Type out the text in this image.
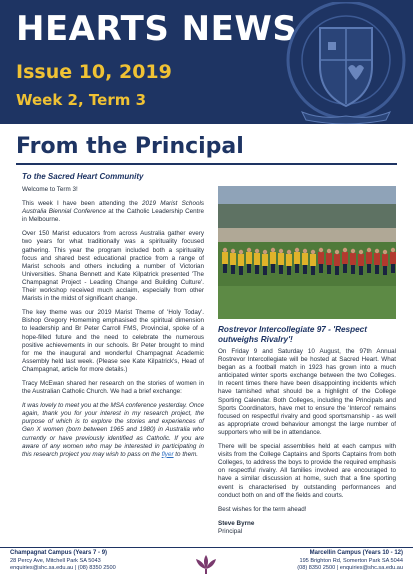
HEARTS NEWS
Issue 10, 2019
Week 2, Term 3
From the Principal
To the Sacred Heart Community

Welcome to Term 3!

This week I have been attending the 2019 Marist Schools Australia Biennial Conference at the Catholic Leadership Centre in Melbourne.

Over 150 Marist educators from across Australia gather every two years for what traditionally was a spirituality focused gathering. This year the program included both a spirituality focus and shared best educational practice from a range of Marist schools and others including a number of Victorian Universities. Shana Bennett and Kate Kilpatrick presented 'The Champagnat Project - Leading Change and Building Culture'. Their workshop received much acclaim, especially from other Marists in the midst of significant change.

The key theme was our 2019 Marist Theme of 'Holy Today'. Bishop Gregory Homeming emphasised the spiritual dimension to leadership and Br Peter Carroll FMS, Provincial, spoke of a hope-filled future and the need to celebrate the numerous positive achievements in our schools. Br Peter brought to mind for me the inaugural and wonderful Champagnat Academic Assembly held last week. (Please see Kate Kilpatrick's, Head of Champagnat, article for more details.)

Tracy McEwan shared her research on the stories of women in the Australian Catholic Church. We had a brief exchange:

It was lovely to meet you at the MSA conference yesterday. Once again, thank you for your interest in my research project, the purpose of which is to explore the stories and experiences of Gen X women (born between 1965 and 1980) in Australia who currently or have previously identified as Catholic. If you are aware of any women who may be interested in participating in this research project you may wish to pass on the flyer to them.

Rostrevor Intercollegiate 97 - 'Respect outweighs Rivalry'!

On Friday 9 and Saturday 10 August, the 97th Annual Rostrevor Intercollegiate will be hosted at Sacred Heart. What began as a football match in 1923 has grown into a much anticipated winter sports exchange between the two Colleges. In recent times there have been disappointing incidents which have tarnished what should be a highlight of the College Sporting Calendar. Both Colleges, including the Principals and Sports Coordinators, have met to ensure the 'Intercol' remains focused on respectful rivalry and good sportsmanship - as well as appropriate crowd behaviour amongst the large number of supporters who will be in attendance.

There will be special assemblies held at each campus with visits from the College Captains and Sports Captains from both Colleges, to address the boys to provide the required emphasis on respectful rivalry. All families involved are encouraged to have a similar discussion at home, such that a fine sporting event is characterised by outstanding performances and conduct both on and off the fields and courts.

Best wishes for the term ahead!

Steve Byrne
Principal

Champagnat Campus (Years 7 - 9)
28 Percy Ave, Mitchell Park SA 5043
enquiries@shc.sa.edu.au | (08) 8350 2500
Marcellin Campus (Years 10 - 12)
195 Brighton Rd, Somerton Park SA 5044
(08) 8350 2500 | enquiries@shc.sa.edu.au
